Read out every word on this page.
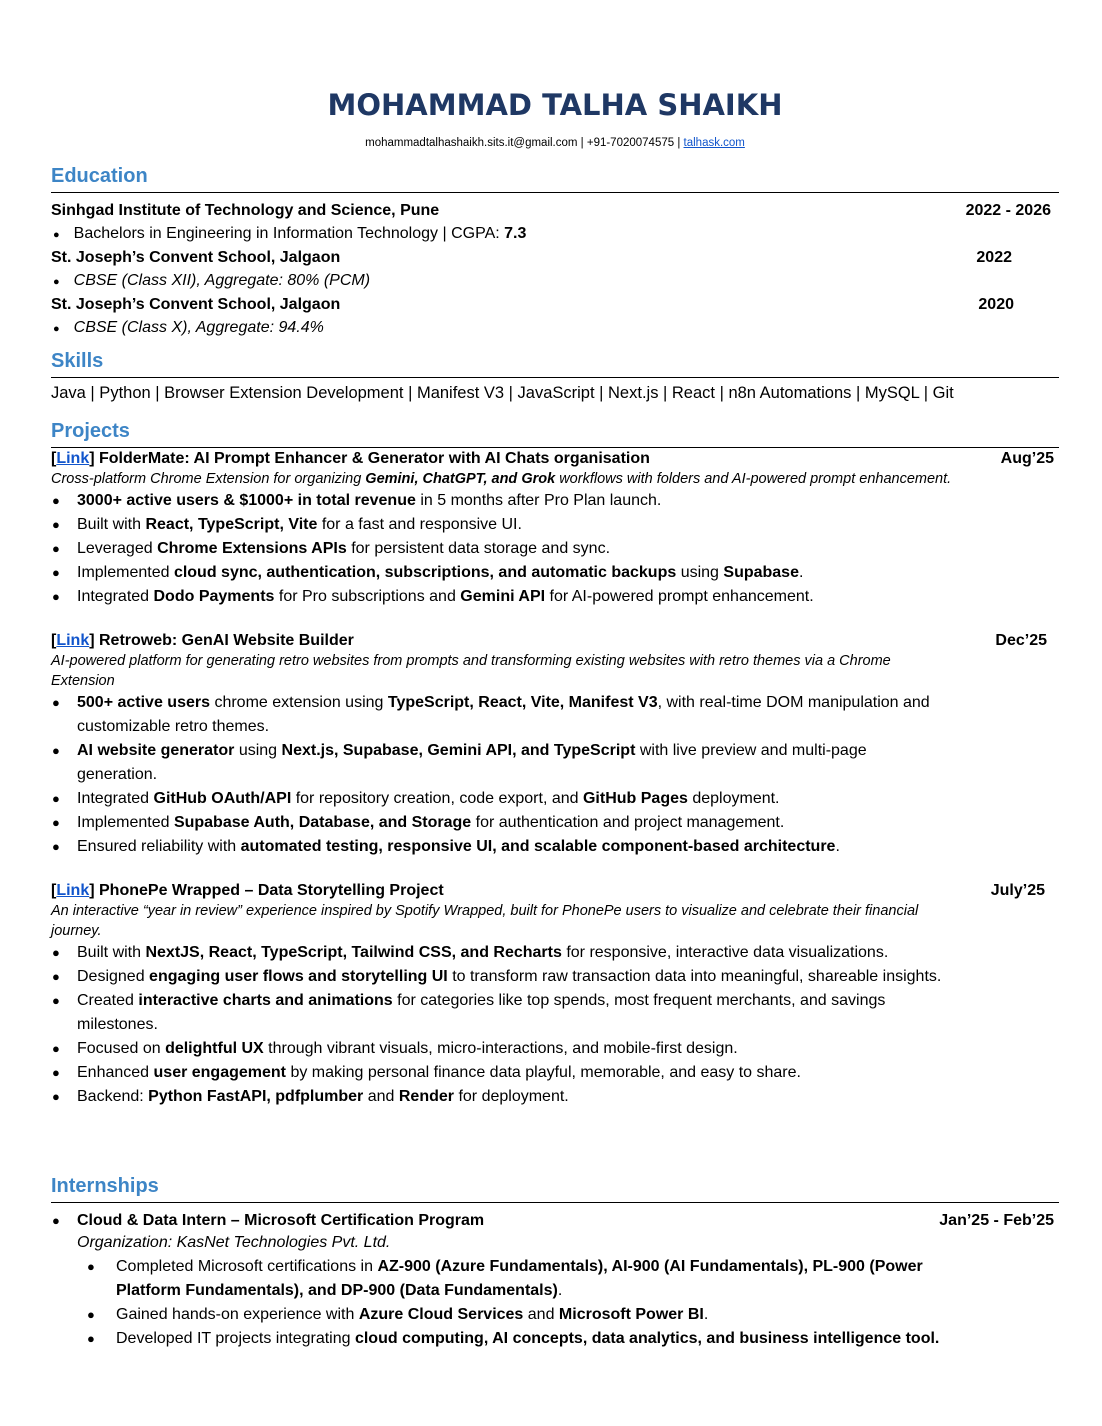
MOHAMMAD TALHA SHAIKH
mohammadtalhashaikh.sits.it@gmail.com | +91-7020074575 | talhask.com
Education
Sinhgad Institute of Technology and Science, Pune	2022 - 2026
● Bachelors in Engineering in Information Technology | CGPA: 7.3
St. Joseph’s Convent School, Jalgaon	2022
● CBSE (Class XII), Aggregate: 80% (PCM)
St. Joseph’s Convent School, Jalgaon	2020
● CBSE (Class X), Aggregate: 94.4%
Skills
Java | Python | Browser Extension Development | Manifest V3 | JavaScript | Next.js | React | n8n Automations | MySQL | Git
Projects
[Link] FolderMate: AI Prompt Enhancer & Generator with AI Chats organisation	Aug’25
Cross-platform Chrome Extension for organizing Gemini, ChatGPT, and Grok workflows with folders and AI-powered prompt enhancement.
● 3000+ active users & $1000+ in total revenue in 5 months after Pro Plan launch.
● Built with React, TypeScript, Vite for a fast and responsive UI.
● Leveraged Chrome Extensions APIs for persistent data storage and sync.
● Implemented cloud sync, authentication, subscriptions, and automatic backups using Supabase.
● Integrated Dodo Payments for Pro subscriptions and Gemini API for AI-powered prompt enhancement.
[Link] Retroweb: GenAI Website Builder	Dec’25
AI-powered platform for generating retro websites from prompts and transforming existing websites with retro themes via a Chrome
Extension
● 500+ active users chrome extension using TypeScript, React, Vite, Manifest V3, with real-time DOM manipulation and
customizable retro themes.
● AI website generator using Next.js, Supabase, Gemini API, and TypeScript with live preview and multi-page
generation.
● Integrated GitHub OAuth/API for repository creation, code export, and GitHub Pages deployment.
● Implemented Supabase Auth, Database, and Storage for authentication and project management.
● Ensured reliability with automated testing, responsive UI, and scalable component-based architecture.
[Link] PhonePe Wrapped – Data Storytelling Project	July’25
An interactive “year in review” experience inspired by Spotify Wrapped, built for PhonePe users to visualize and celebrate their financial
journey.
● Built with NextJS, React, TypeScript, Tailwind CSS, and Recharts for responsive, interactive data visualizations.
● Designed engaging user flows and storytelling UI to transform raw transaction data into meaningful, shareable insights.
● Created interactive charts and animations for categories like top spends, most frequent merchants, and savings
milestones.
● Focused on delightful UX through vibrant visuals, micro-interactions, and mobile-first design.
● Enhanced user engagement by making personal finance data playful, memorable, and easy to share.
● Backend: Python FastAPI, pdfplumber and Render for deployment.
Internships
● Cloud & Data Intern – Microsoft Certification Program	Jan’25 - Feb’25
Organization: KasNet Technologies Pvt. Ltd.
● Completed Microsoft certifications in AZ-900 (Azure Fundamentals), AI-900 (AI Fundamentals), PL-900 (Power
Platform Fundamentals), and DP-900 (Data Fundamentals).
● Gained hands-on experience with Azure Cloud Services and Microsoft Power BI.
● Developed IT projects integrating cloud computing, AI concepts, data analytics, and business intelligence tool.
